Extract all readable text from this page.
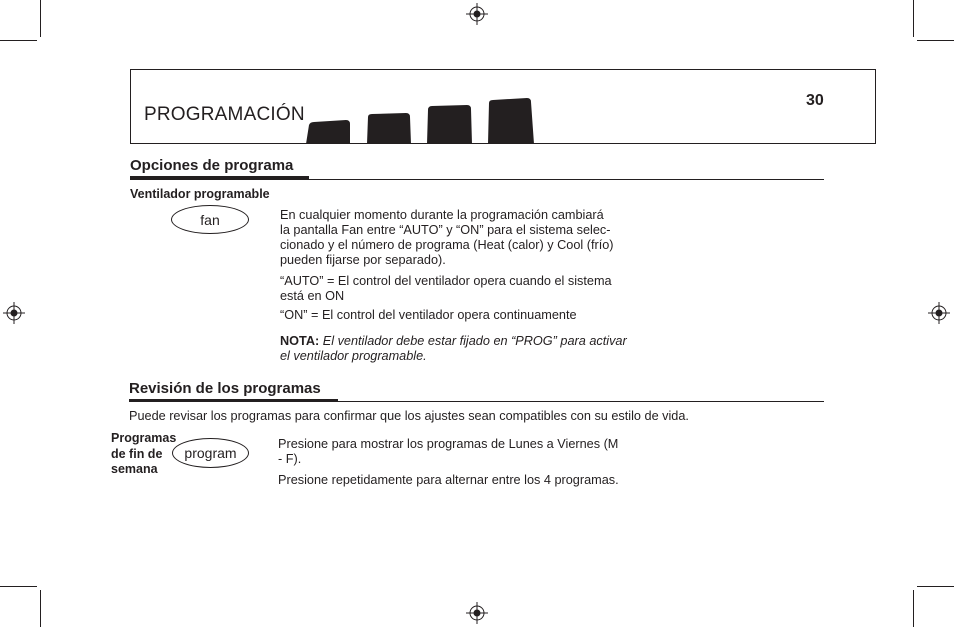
PROGRAMACIÓN
30
Opciones de programa
Ventilador programable
fan	En cualquier momento durante la programación cambiará
la pantalla Fan entre “AUTO” y “ON” para el sistema selec-
cionado y el número de programa (Heat (calor) y Cool (frío)
pueden fijarse por separado).
“AUTO” = El control del ventilador opera cuando el sistema
está en ON
“ON” = El control del ventilador opera continuamente
NOTA: El ventilador debe estar fijado en “PROG” para activar
el ventilador programable.
Revisión de los programas
Puede revisar los programas para confirmar que los ajustes sean compatibles con su estilo de vida.
Programas
de fin de
semana
program
Presione para mostrar los programas de Lunes a Viernes (M
- F).
Presione repetidamente para alternar entre los 4 programas.
